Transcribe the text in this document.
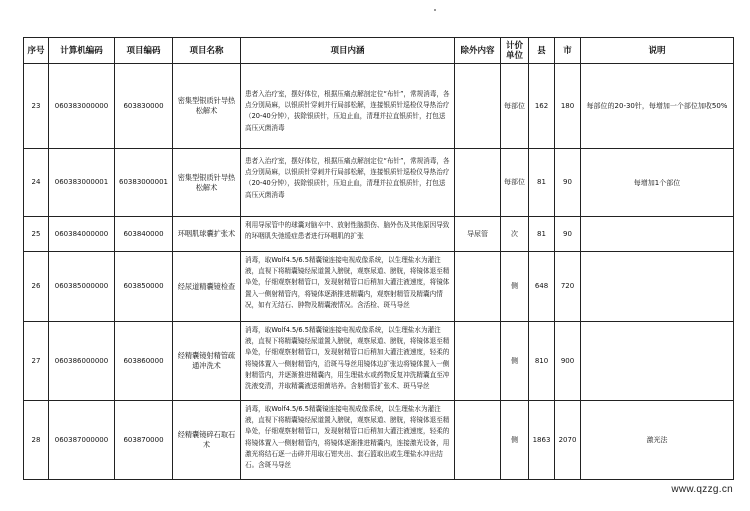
序号	计算机编码	项目编码	项目名称	项目内涵	除外内容	计价单位	县	市	说明
23	060383000000	603830000	密集型银质针导热松解术	患者入治疗室，摆好体位，根据压痛点解剖定位“布针”，常规消毒，各点分别局麻，以银质针穿刺并行局部松解，连接银质针巡检仪导热治疗（20-40分钟），拔除银质针，压迫止血，清理并拉直银质针，打包送高压灭菌消毒		每部位	162	180	每部位的20-30针，每增加一个部位加收50%
24	060383000001	60383000001	密集型银质针导热松解术	患者入治疗室，摆好体位，根据压痛点解剖定位“布针”，常规消毒，各点分别局麻，以银质针穿刺并行局部松解，连接银质针巡检仪导热治疗（20-40分钟），拔除银质针，压迫止血，清理并拉直银质针，打包送高压灭菌消毒		每部位	81	90	每增加1个部位
25	060384000000	603840000	环咽肌球囊扩张术	利用导尿管中的球囊对脑卒中、放射性脑损伤、脑外伤及其他原因导致的环咽肌失弛缓症患者进行环咽肌的扩张	导尿管	次	81	90	
26	060385000000	603850000	经尿道精囊镜检查	消毒，取Wolf4.5/6.5精囊镜连接电视成像系统，以生理盐水为灌注液，直视下将精囊镜经尿道置入膀胱，观察尿道、膀胱，将镜体退至精阜处，仔细观察射精管口，发现射精管口后稍加大灌注液速度，将镜体置入一侧射精管内，将镜体逐渐推进精囊内，观察射精管及精囊内情况，如有无结石、肿物及精囊液情况。含活检、斑马导丝		侧	648	720	
27	060386000000	603860000	经精囊镜射精管疏通冲洗术	消毒，取Wolf4.5/6.5精囊镜连接电视成像系统，以生理盐水为灌注液，直视下将精囊镜经尿道置入膀胱，观察尿道、膀胱，将镜体退至精阜处，仔细观察射精管口，发现射精管口后稍加大灌注液速度，轻柔的将镜体置入一侧射精管内，沿斑马导丝用镜体边扩张边将镜体置入一侧射精管内，并逐渐推进精囊内，用生理盐水或药物反复冲洗精囊直至冲洗液变清，并取精囊液送细菌培养。含射精管扩张术、斑马导丝		侧	810	900	
28	060387000000	603870000	经精囊镜碎石取石术	消毒，取Wolf4.5/6.5精囊镜连接电视成像系统，以生理盐水为灌注液，直视下将精囊镜经尿道置入膀胱，观察尿道、膀胱，将镜体退至精阜处，仔细观察射精管口，发现射精管口后稍加大灌注液速度，轻柔的将镜体置入一侧射精管内，将镜体逐渐推进精囊内，连接激光设备，用激光将结石逐一击碎并用取石钳夹出、套石篮取出或生理盐水冲出结石。含斑马导丝		侧	1863	2070	激光法
www.qzzg.cn
